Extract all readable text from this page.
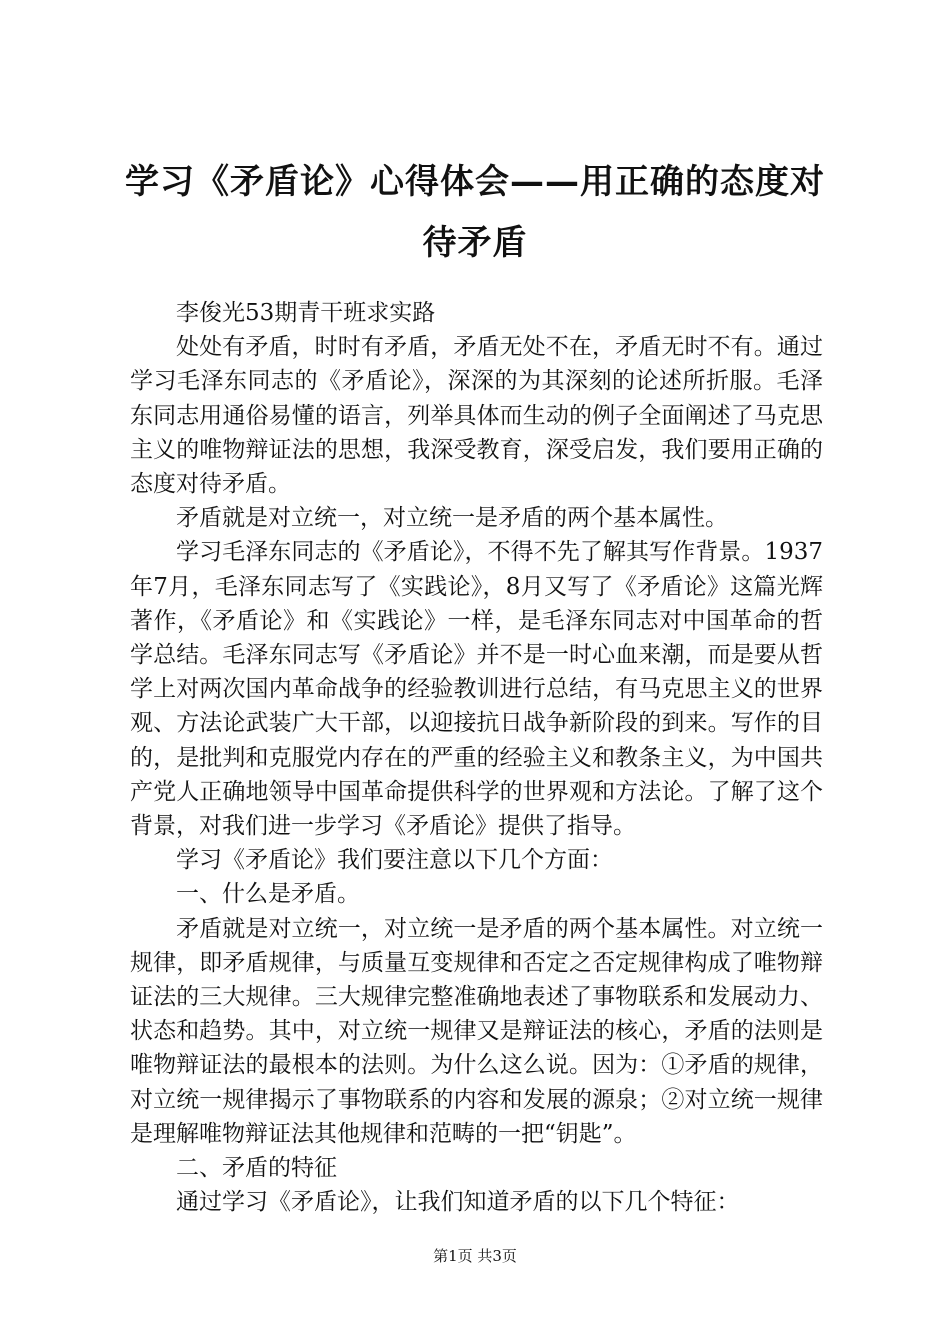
学习《矛盾论》心得体会——用正确的态度对待矛盾

李俊光53期青干班求实路

处处有矛盾，时时有矛盾，矛盾无处不在，矛盾无时不有。通过学习毛泽东同志的《矛盾论》，深深的为其深刻的论述所折服。毛泽东同志用通俗易懂的语言，列举具体而生动的例子全面阐述了马克思主义的唯物辩证法的思想，我深受教育，深受启发，我们要用正确的态度对待矛盾。

矛盾就是对立统一，对立统一是矛盾的两个基本属性。

学习毛泽东同志的《矛盾论》，不得不先了解其写作背景。1937年7月，毛泽东同志写了《实践论》，8月又写了《矛盾论》这篇光辉著作，《矛盾论》和《实践论》一样，是毛泽东同志对中国革命的哲学总结。毛泽东同志写《矛盾论》并不是一时心血来潮，而是要从哲学上对两次国内革命战争的经验教训进行总结，有马克思主义的世界观、方法论武装广大干部，以迎接抗日战争新阶段的到来。写作的目的，是批判和克服党内存在的严重的经验主义和教条主义，为中国共产党人正确地领导中国革命提供科学的世界观和方法论。了解了这个背景，对我们进一步学习《矛盾论》提供了指导。

学习《矛盾论》我们要注意以下几个方面：

一、什么是矛盾。

矛盾就是对立统一，对立统一是矛盾的两个基本属性。对立统一规律，即矛盾规律，与质量互变规律和否定之否定规律构成了唯物辩证法的三大规律。三大规律完整准确地表述了事物联系和发展动力、状态和趋势。其中，对立统一规律又是辩证法的核心，矛盾的法则是唯物辩证法的最根本的法则。为什么这么说。因为：①矛盾的规律，对立统一规律揭示了事物联系的内容和发展的源泉；②对立统一规律是理解唯物辩证法其他规律和范畴的一把“钥匙”。

二、矛盾的特征

通过学习《矛盾论》，让我们知道矛盾的以下几个特征：

第1页 共3页
